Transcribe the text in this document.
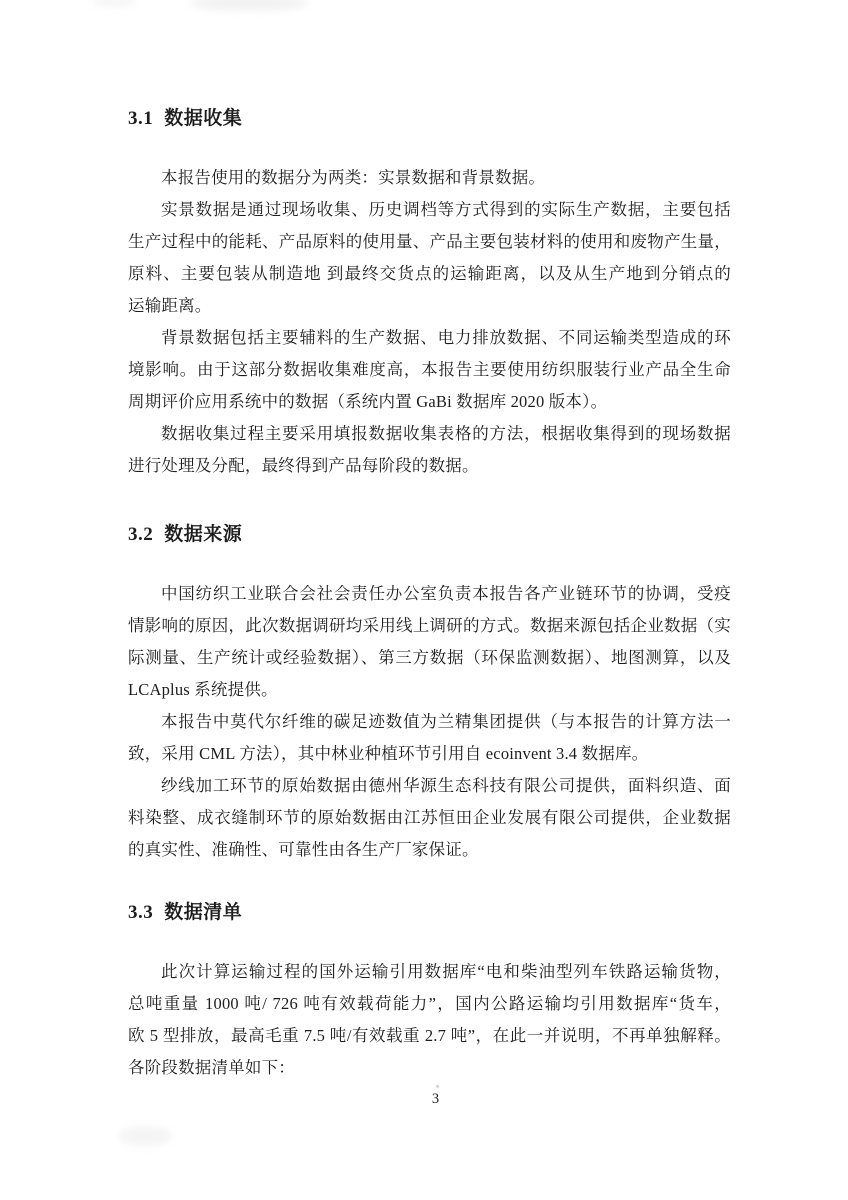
3.1 数据收集
本报告使用的数据分为两类：实景数据和背景数据。
实景数据是通过现场收集、历史调档等方式得到的实际生产数据，主要包括
生产过程中的能耗、产品原料的使用量、产品主要包装材料的使用和废物产生量，
原料、主要包装从制造地 到最终交货点的运输距离，以及从生产地到分销点的
运输距离。
背景数据包括主要辅料的生产数据、电力排放数据、不同运输类型造成的环
境影响。由于这部分数据收集难度高，本报告主要使用纺织服装行业产品全生命
周期评价应用系统中的数据（系统内置 GaBi 数据库 2020 版本）。
数据收集过程主要采用填报数据收集表格的方法，根据收集得到的现场数据
进行处理及分配，最终得到产品每阶段的数据。
3.2 数据来源
中国纺织工业联合会社会责任办公室负责本报告各产业链环节的协调，受疫
情影响的原因，此次数据调研均采用线上调研的方式。数据来源包括企业数据（实
际测量、生产统计或经验数据）、第三方数据（环保监测数据）、地图测算，以及
LCAplus 系统提供。
本报告中莫代尔纤维的碳足迹数值为兰精集团提供（与本报告的计算方法一
致，采用 CML 方法），其中林业种植环节引用自 ecoinvent 3.4 数据库。
纱线加工环节的原始数据由德州华源生态科技有限公司提供，面料织造、面
料染整、成衣缝制环节的原始数据由江苏恒田企业发展有限公司提供，企业数据
的真实性、准确性、可靠性由各生产厂家保证。
3.3 数据清单
此次计算运输过程的国外运输引用数据库“电和柴油型列车铁路运输货物，
总吨重量 1000 吨/ 726 吨有效载荷能力”，国内公路运输均引用数据库“货车，
欧 5 型排放，最高毛重 7.5 吨/有效载重 2.7 吨”，在此一并说明，不再单独解释。
各阶段数据清单如下：
3
